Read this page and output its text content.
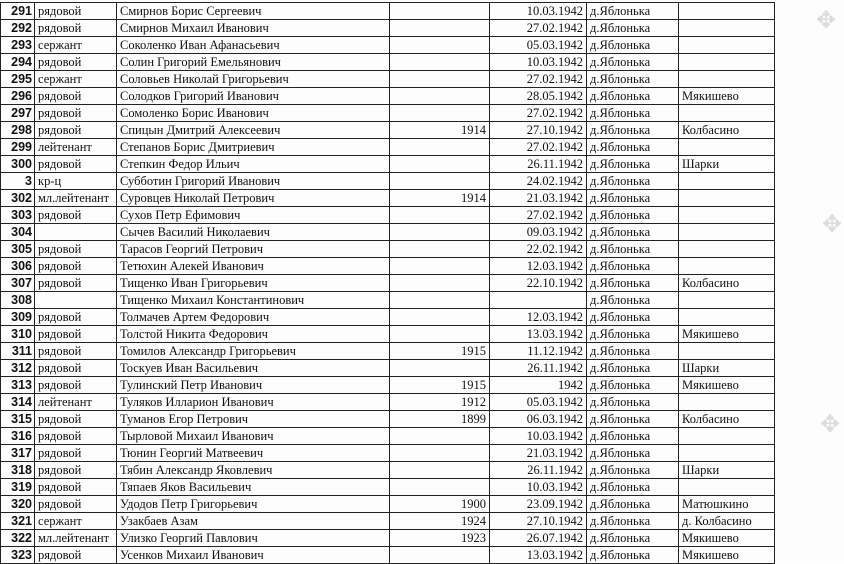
✥
✥
✥
291	рядовой	Смирнов Борис Сергеевич		10.03.1942	д.Яблонька	
292	рядовой	Смирнов Михаил Иванович		27.02.1942	д.Яблонька	
293	сержант	Соколенко Иван Афанасьевич		05.03.1942	д.Яблонька	
294	рядовой	Солин Григорий Емельянович		10.03.1942	д.Яблонька	
295	сержант	Соловьев Николай Григорьевич		27.02.1942	д.Яблонька	
296	рядовой	Солодков Григорий Иванович		28.05.1942	д.Яблонька	Мякишево
297	рядовой	Сомоленко Борис Иванович		27.02.1942	д.Яблонька	
298	рядовой	Спицын Дмитрий Алексеевич	1914	27.10.1942	д.Яблонька	Колбасино
299	лейтенант	Степанов Борис Дмитриевич		27.02.1942	д.Яблонька	
300	рядовой	Степкин Федор Ильич		26.11.1942	д.Яблонька	Шарки
3	кр-ц	Субботин Григорий Иванович		24.02.1942	д.Яблонька	
302	мл.лейтенант	Суровцев Николай Петрович	1914	21.03.1942	д.Яблонька	
303	рядовой	Сухов Петр Ефимович		27.02.1942	д.Яблонька	
304		Сычев Василий Николаевич		09.03.1942	д.Яблонька	
305	рядовой	Тарасов Георгий Петрович		22.02.1942	д.Яблонька	
306	рядовой	Тетюхин Алекей Иванович		12.03.1942	д.Яблонька	
307	рядовой	Тищенко Иван Григорьевич		22.10.1942	д.Яблонька	Колбасино
308		Тищенко Михаил Константинович			д.Яблонька	
309	рядовой	Толмачев Артем Федорович		12.03.1942	д.Яблонька	
310	рядовой	Толстой Никита Федорович		13.03.1942	д.Яблонька	Мякишево
311	рядовой	Томилов Александр Григорьевич	1915	11.12.1942	д.Яблонька	
312	рядовой	Тоскуев Иван Васильевич		26.11.1942	д.Яблонька	Шарки
313	рядовой	Тулинский Петр Иванович	1915	1942	д.Яблонька	Мякишево
314	лейтенант	Туляков Илларион Иванович	1912	05.03.1942	д.Яблонька	
315	рядовой	Туманов Егор Петрович	1899	06.03.1942	д.Яблонька	Колбасино
316	рядовой	Тырловой Михаил Иванович		10.03.1942	д.Яблонька	
317	рядовой	Тюнин Георгий Матвеевич		21.03.1942	д.Яблонька	
318	рядовой	Тябин Александр Яковлевич		26.11.1942	д.Яблонька	Шарки
319	рядовой	Тяпаев Яков Васильевич		10.03.1942	д.Яблонька	
320	рядовой	Удодов Петр Григорьевич	1900	23.09.1942	д.Яблонька	Матюшкино
321	сержант	Узакбаев Азам	1924	27.10.1942	д.Яблонька	д. Колбасино
322	мл.лейтенант	Улизко Георгий Павлович	1923	26.07.1942	д.Яблонька	Мякишево
323	рядовой	Усенков Михаил Иванович		13.03.1942	д.Яблонька	Мякишево
